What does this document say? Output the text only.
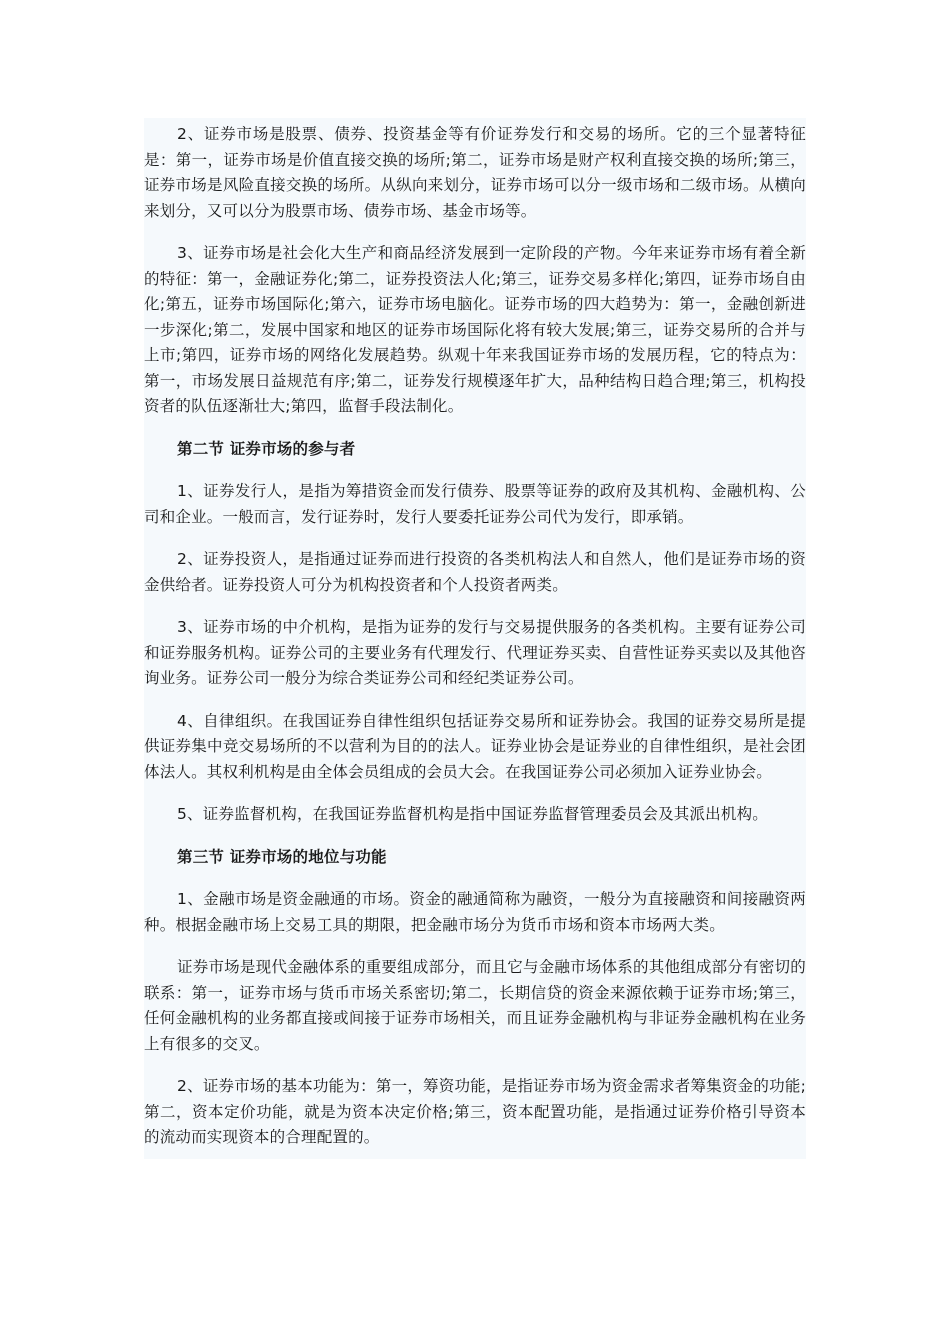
2、证券市场是股票、债券、投资基金等有价证券发行和交易的场所。它的三个显著特征是：第一，证券市场是价值直接交换的场所;第二，证券市场是财产权利直接交换的场所;第三，证券市场是风险直接交换的场所。从纵向来划分，证券市场可以分一级市场和二级市场。从横向来划分，又可以分为股票市场、债券市场、基金市场等。

3、证券市场是社会化大生产和商品经济发展到一定阶段的产物。今年来证券市场有着全新的特征：第一，金融证券化;第二，证券投资法人化;第三，证券交易多样化;第四，证券市场自由化;第五，证券市场国际化;第六，证券市场电脑化。证券市场的四大趋势为：第一，金融创新进一步深化;第二，发展中国家和地区的证券市场国际化将有较大发展;第三，证券交易所的合并与上市;第四，证券市场的网络化发展趋势。纵观十年来我国证券市场的发展历程，它的特点为：第一，市场发展日益规范有序;第二，证券发行规模逐年扩大，品种结构日趋合理;第三，机构投资者的队伍逐渐壮大;第四，监督手段法制化。

第二节 证券市场的参与者

1、证券发行人，是指为筹措资金而发行债券、股票等证券的政府及其机构、金融机构、公司和企业。一般而言，发行证券时，发行人要委托证券公司代为发行，即承销。

2、证券投资人，是指通过证券而进行投资的各类机构法人和自然人，他们是证券市场的资金供给者。证券投资人可分为机构投资者和个人投资者两类。

3、证券市场的中介机构，是指为证券的发行与交易提供服务的各类机构。主要有证券公司和证券服务机构。证券公司的主要业务有代理发行、代理证券买卖、自营性证券买卖以及其他咨询业务。证券公司一般分为综合类证券公司和经纪类证券公司。

4、自律组织。在我国证券自律性组织包括证券交易所和证券协会。我国的证券交易所是提供证券集中竞交易场所的不以营利为目的的法人。证券业协会是证券业的自律性组织，是社会团体法人。其权利机构是由全体会员组成的会员大会。在我国证券公司必须加入证券业协会。

5、证券监督机构，在我国证券监督机构是指中国证券监督管理委员会及其派出机构。

第三节 证券市场的地位与功能

1、金融市场是资金融通的市场。资金的融通简称为融资，一般分为直接融资和间接融资两种。根据金融市场上交易工具的期限，把金融市场分为货币市场和资本市场两大类。

证券市场是现代金融体系的重要组成部分，而且它与金融市场体系的其他组成部分有密切的联系：第一，证券市场与货币市场关系密切;第二，长期信贷的资金来源依赖于证券市场;第三，任何金融机构的业务都直接或间接于证券市场相关，而且证券金融机构与非证券金融机构在业务上有很多的交叉。

2、证券市场的基本功能为：第一，筹资功能，是指证券市场为资金需求者筹集资金的功能;第二，资本定价功能，就是为资本决定价格;第三，资本配置功能，是指通过证券价格引导资本的流动而实现资本的合理配置的。
